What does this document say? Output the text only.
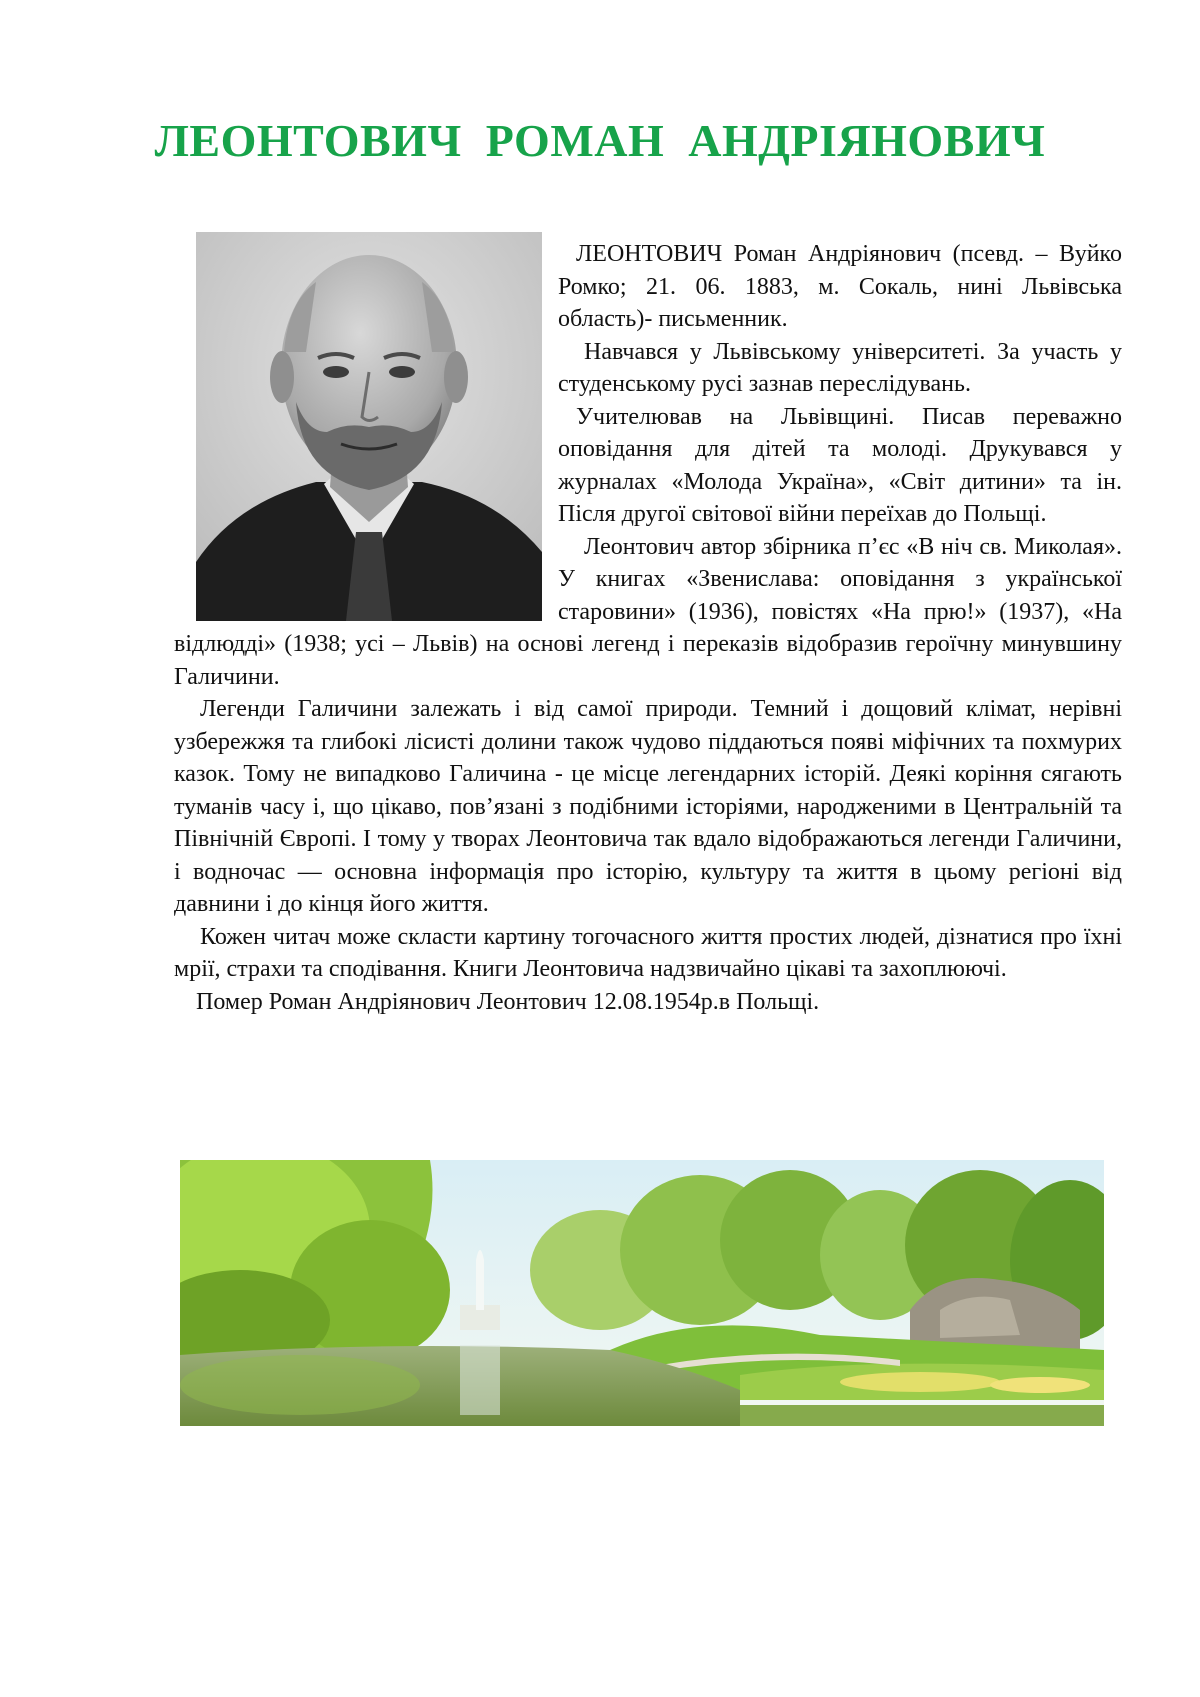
ЛЕОНТОВИЧ  РОМАН  АНДРІЯНОВИЧ

ЛЕОНТОВИЧ Роман Андріянович (псевд. – Вуйко Ромко; 21. 06. 1883, м. Сокаль, нині Львівська область)- письменник.

Навчався у Львівському університеті. За участь у студенському русі зазнав переслідувань.

Учителював на Львівщині. Писав переважно оповідання для дітей та молоді. Друкувався у журналах «Молода Україна», «Світ дитини» та ін. Після другої світової війни переїхав до Польщі.

Леонтович автор збірника п’єс «В ніч св. Миколая». У книгах «Звенислава: оповідання з української старовини» (1936), повістях «На прю!» (1937), «На відлюдді» (1938; усі – Львів) на основі легенд і переказів відобразив героїчну минувшину Галичини.

Легенди Галичини залежать і від самої природи. Темний і дощовий клімат, нерівні узбережжя та глибокі лісисті долини також чудово піддаються появі міфічних та похмурих казок. Тому не випадково Галичина - це місце легендарних історій. Деякі коріння сягають туманів часу і, що цікаво, пов’язані з подібними історіями, народженими в Центральній та Північній Європі. І тому у творах Леонтовича так вдало відображаються легенди Галичини, і водночас — основна інформація про історію, культуру та життя в цьому регіоні від давнини і до кінця його життя.

Кожен читач може скласти картину тогочасного життя простих людей, дізнатися про їхні мрії, страхи та сподівання. Книги Леонтовича надзвичайно цікаві та захоплюючі.

Помер Роман Андріянович Леонтович 12.08.1954р.в Польщі.
